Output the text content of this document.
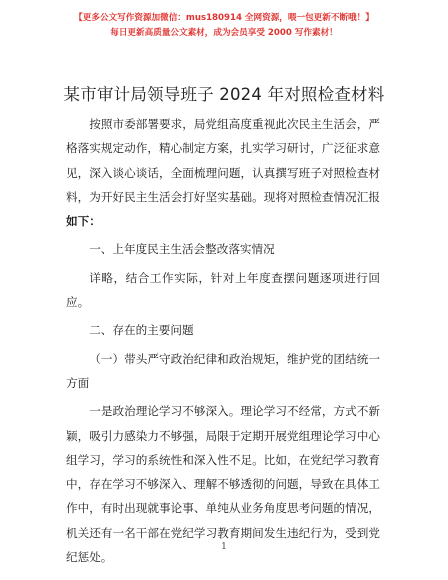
【更多公文写作资源加微信：mus180914 全网资源，喂一包更新不断哦！】
每日更新高质量公文素材，成为会员享受 2000 写作素材！
某市审计局领导班子 2024 年对照检查材料

按照市委部署要求，局党组高度重视此次民主生活会，严格落实规定动作，精心制定方案，扎实学习研讨，广泛征求意见，深入谈心谈话，全面梳理问题，认真撰写班子对照检查材料，为开好民主生活会打好坚实基础。现将对照检查情况汇报如下：

一、上年度民主生活会整改落实情况

详略，结合工作实际，针对上年度查摆问题逐项进行回应。

二、存在的主要问题

（一）带头严守政治纪律和政治规矩，维护党的团结统一方面

一是政治理论学习不够深入。理论学习不经常，方式不新颖，吸引力感染力不够强，局限于定期开展党组理论学习中心组学习，学习的系统性和深入性不足。比如，在党纪学习教育中，存在学习不够深入、理解不够透彻的问题，导致在具体工作中，有时出现就事论事、单纯从业务角度思考问题的情况，机关还有一名干部在党纪学习教育期间发生违纪行为，受到党纪惩处。

1
